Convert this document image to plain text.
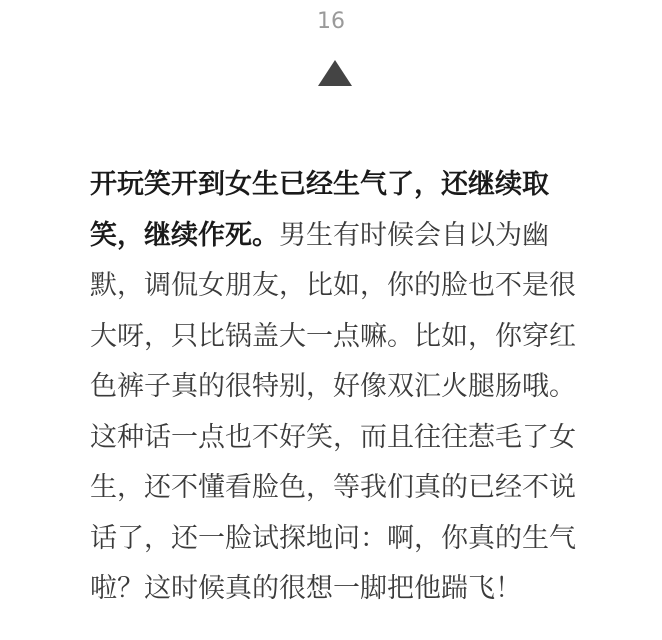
16

开玩笑开到女生已经生气了，还继续取笑，继续作死。男生有时候会自以为幽默，调侃女朋友，比如，你的脸也不是很大呀，只比锅盖大一点嘛。比如，你穿红色裤子真的很特别，好像双汇火腿肠哦。这种话一点也不好笑，而且往往惹毛了女生，还不懂看脸色，等我们真的已经不说话了，还一脸试探地问：啊，你真的生气啦？这时候真的很想一脚把他踹飞！
